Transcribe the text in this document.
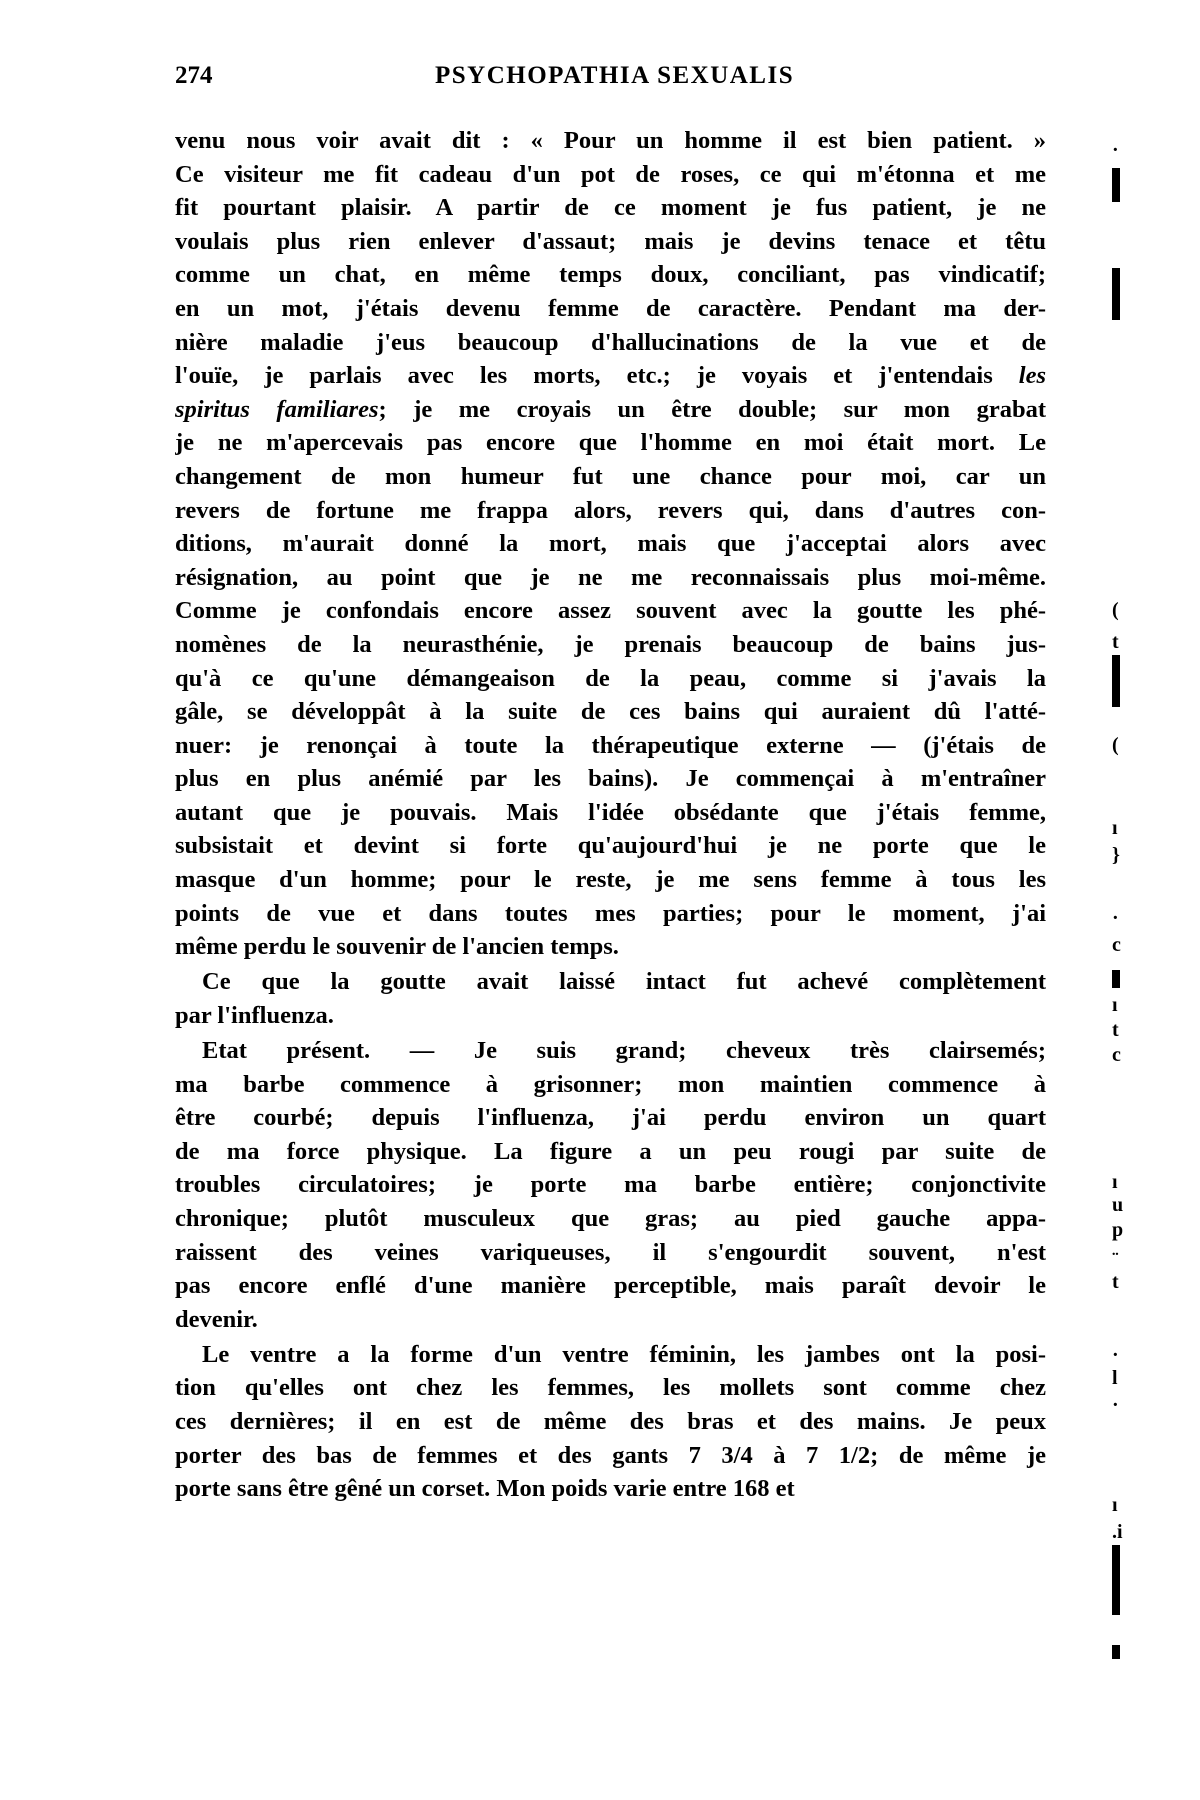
274	PSYCHOPATHIA SEXUALIS
venu nous voir avait dit : « Pour un homme il est bien patient. »
Ce visiteur me fit cadeau d'un pot de roses, ce qui m'étonna et me
fit pourtant plaisir. A partir de ce moment je fus patient, je ne
voulais plus rien enlever d'assaut; mais je devins tenace et têtu
comme un chat, en même temps doux, conciliant, pas vindicatif;
en un mot, j'étais devenu femme de caractère. Pendant ma der-
nière maladie j'eus beaucoup d'hallucinations de la vue et de
l'ouïe, je parlais avec les morts, etc.; je voyais et j'entendais les
spiritus familiares; je me croyais un être double; sur mon grabat
je ne m'apercevais pas encore que l'homme en moi était mort. Le
changement de mon humeur fut une chance pour moi, car un
revers de fortune me frappa alors, revers qui, dans d'autres con-
ditions, m'aurait donné la mort, mais que j'acceptai alors avec
résignation, au point que je ne me reconnaissais plus moi-même.
Comme je confondais encore assez souvent avec la goutte les phé-
nomènes de la neurasthénie, je prenais beaucoup de bains jus-
qu'à ce qu'une démangeaison de la peau, comme si j'avais la
gâle, se développât à la suite de ces bains qui auraient dû l'atté-
nuer: je renonçai à toute la thérapeutique externe — (j'étais de
plus en plus anémié par les bains). Je commençai à m'entraîner
autant que je pouvais. Mais l'idée obsédante que j'étais femme,
subsistait et devint si forte qu'aujourd'hui je ne porte que le
masque d'un homme; pour le reste, je me sens femme à tous les
points de vue et dans toutes mes parties; pour le moment, j'ai
même perdu le souvenir de l'ancien temps.
Ce que la goutte avait laissé intact fut achevé complètement
par l'influenza.
Etat présent. — Je suis grand; cheveux très clairsemés;
ma barbe commence à grisonner; mon maintien commence à
être courbé; depuis l'influenza, j'ai perdu environ un quart
de ma force physique. La figure a un peu rougi par suite de
troubles circulatoires; je porte ma barbe entière; conjonctivite
chronique; plutôt musculeux que gras; au pied gauche appa-
raissent des veines variqueuses, il s'engourdit souvent, n'est
pas encore enflé d'une manière perceptible, mais paraît devoir le
devenir.
Le ventre a la forme d'un ventre féminin, les jambes ont la posi-
tion qu'elles ont chez les femmes, les mollets sont comme chez
ces dernières; il en est de même des bras et des mains. Je peux
porter des bas de femmes et des gants 7 3/4 à 7 1/2; de même je
porte sans être gêné un corset. Mon poids varie entre 168 et
·
(
t
(
ı
}
·
c
ı
t
c
ı
u
p
¨
t
·
l
·
ı
.i
